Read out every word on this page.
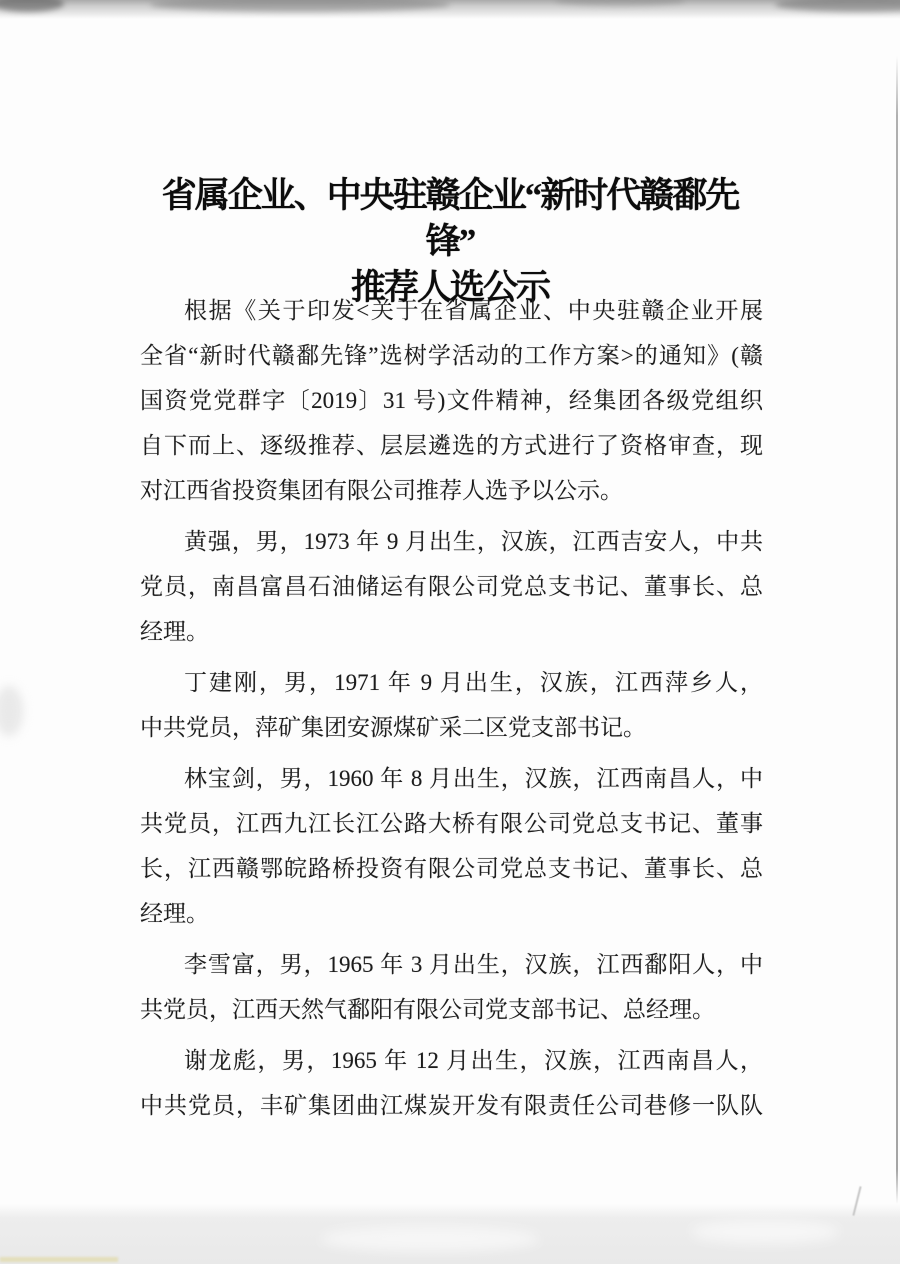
省属企业、中央驻赣企业“新时代赣鄱先锋”
推荐人选公示

根据《关于印发<关于在省属企业、中央驻赣企业开展
全省“新时代赣鄱先锋”选树学活动的工作方案>的通知》(赣
国资党党群字〔2019〕31 号)文件精神，经集团各级党组织
自下而上、逐级推荐、层层遴选的方式进行了资格审查，现
对江西省投资集团有限公司推荐人选予以公示。

黄强，男，1973 年 9 月出生，汉族，江西吉安人，中共
党员，南昌富昌石油储运有限公司党总支书记、董事长、总
经理。

丁建刚，男，1971 年 9 月出生，汉族，江西萍乡人，
中共党员，萍矿集团安源煤矿采二区党支部书记。

林宝剑，男，1960 年 8 月出生，汉族，江西南昌人，中
共党员，江西九江长江公路大桥有限公司党总支书记、董事
长，江西赣鄂皖路桥投资有限公司党总支书记、董事长、总
经理。

李雪富，男，1965 年 3 月出生，汉族，江西鄱阳人，中
共党员，江西天然气鄱阳有限公司党支部书记、总经理。

谢龙彪，男，1965 年 12 月出生，汉族，江西南昌人，
中共党员，丰矿集团曲江煤炭开发有限责任公司巷修一队队
